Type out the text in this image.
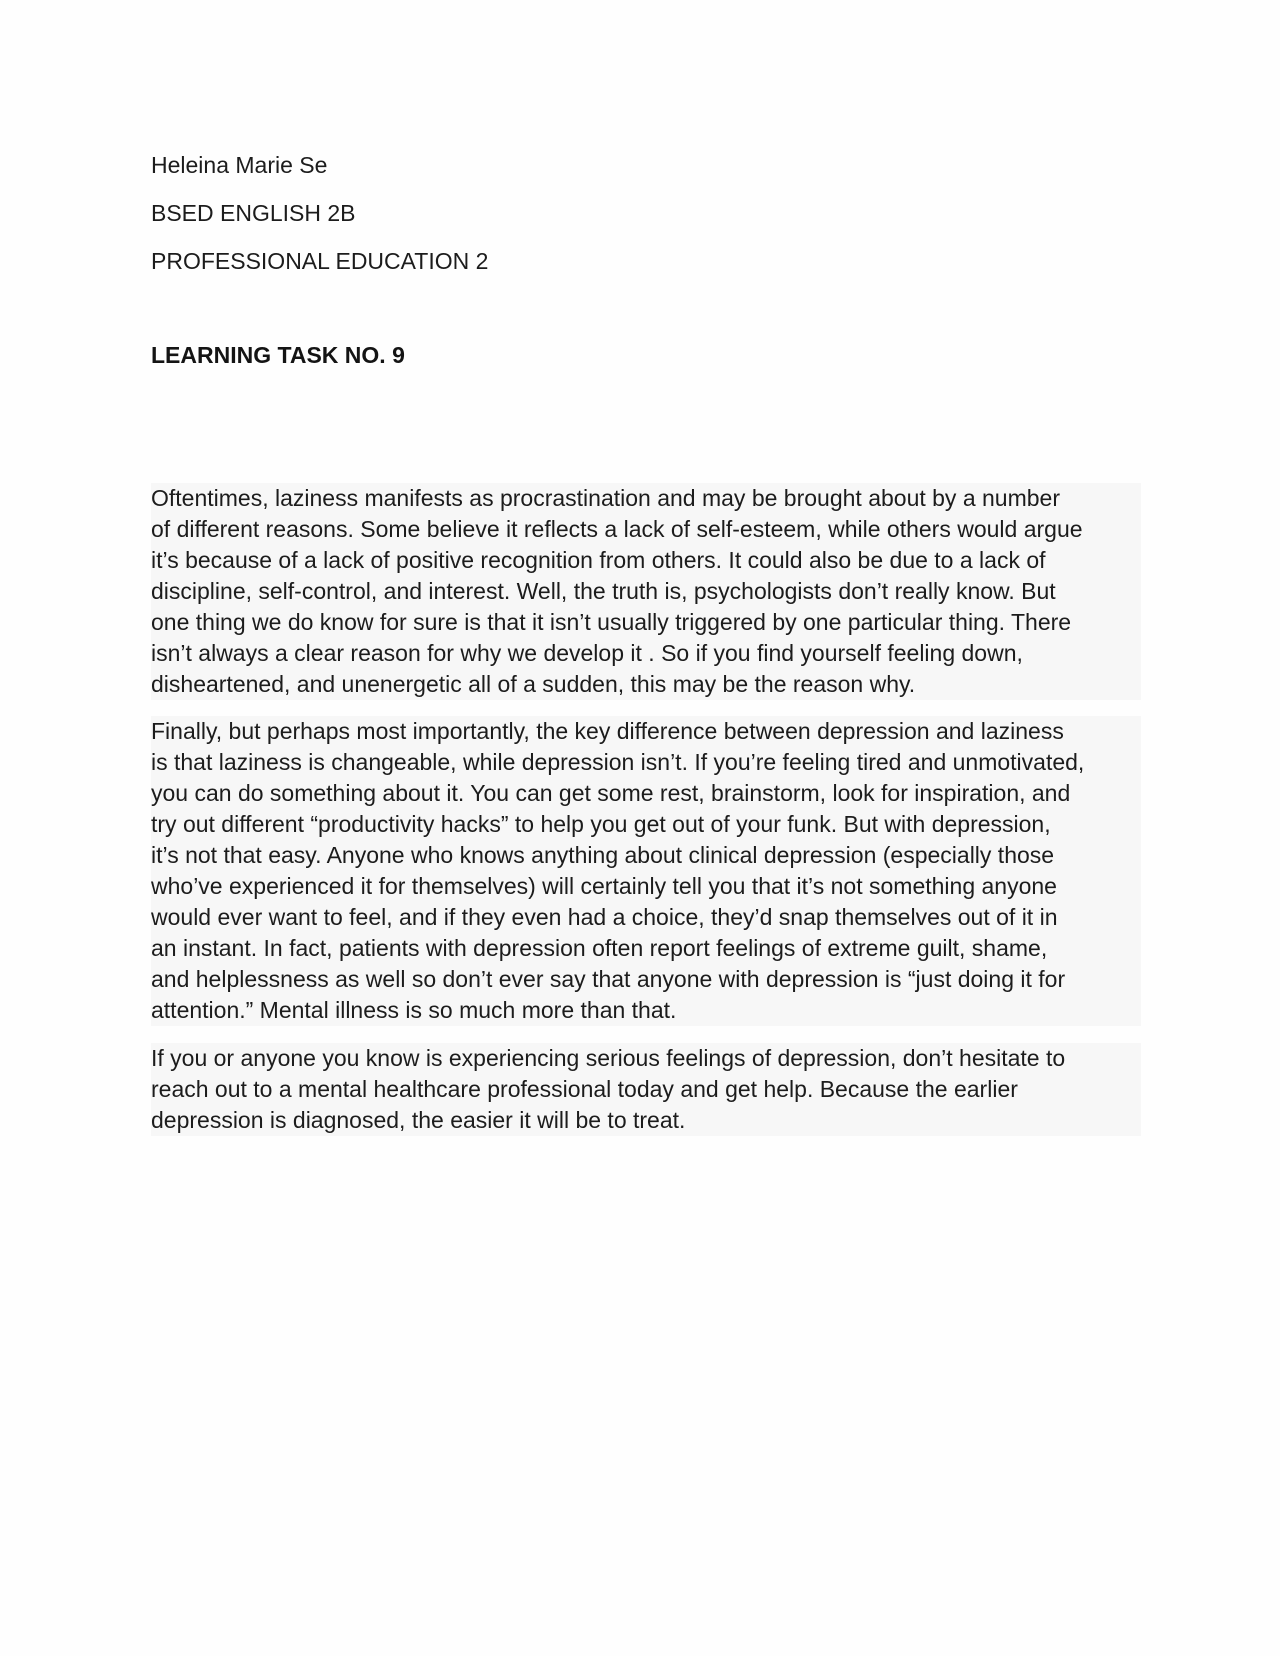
Heleina Marie Se
BSED ENGLISH 2B
PROFESSIONAL EDUCATION 2
LEARNING TASK NO. 9

Oftentimes, laziness manifests as procrastination and may be brought about by a number
of different reasons. Some believe it reflects a lack of self-esteem, while others would argue
it’s because of a lack of positive recognition from others. It could also be due to a lack of
discipline, self-control, and interest. Well, the truth is, psychologists don’t really know. But
one thing we do know for sure is that it isn’t usually triggered by one particular thing. There
isn’t always a clear reason for why we develop it . So if you find yourself feeling down,
disheartened, and unenergetic all of a sudden, this may be the reason why.

Finally, but perhaps most importantly, the key difference between depression and laziness
is that laziness is changeable, while depression isn’t. If you’re feeling tired and unmotivated,
you can do something about it. You can get some rest, brainstorm, look for inspiration, and
try out different “productivity hacks” to help you get out of your funk. But with depression,
it’s not that easy. Anyone who knows anything about clinical depression (especially those
who’ve experienced it for themselves) will certainly tell you that it’s not something anyone
would ever want to feel, and if they even had a choice, they’d snap themselves out of it in
an instant. In fact, patients with depression often report feelings of extreme guilt, shame,
and helplessness as well so don’t ever say that anyone with depression is “just doing it for
attention.” Mental illness is so much more than that.

If you or anyone you know is experiencing serious feelings of depression, don’t hesitate to
reach out to a mental healthcare professional today and get help. Because the earlier
depression is diagnosed, the easier it will be to treat.
